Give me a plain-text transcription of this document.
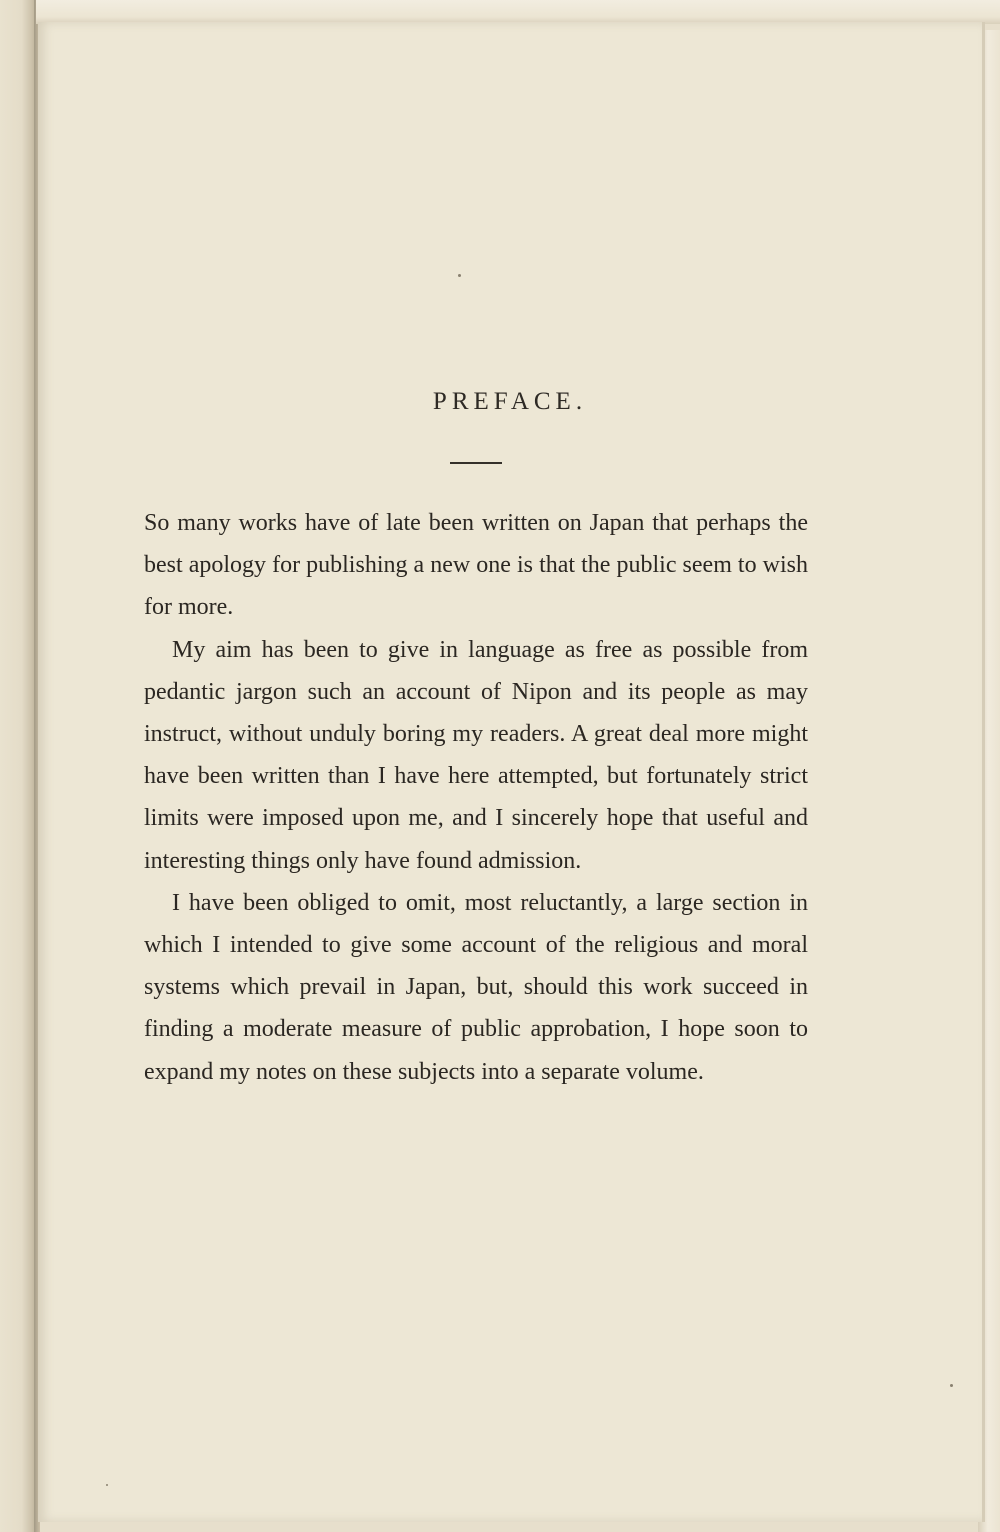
PREFACE.

So many works have of late been written on Japan that perhaps the best apology for publishing a new one is that the public seem to wish for more.

My aim has been to give in language as free as possible from pedantic jargon such an account of Nipon and its people as may instruct, without unduly boring my readers. A great deal more might have been written than I have here attempted, but fortunately strict limits were imposed upon me, and I sincerely hope that useful and interesting things only have found admission.

I have been obliged to omit, most reluctantly, a large section in which I intended to give some account of the religious and moral systems which prevail in Japan, but, should this work succeed in finding a moderate measure of public approbation, I hope soon to expand my notes on these subjects into a separate volume.
